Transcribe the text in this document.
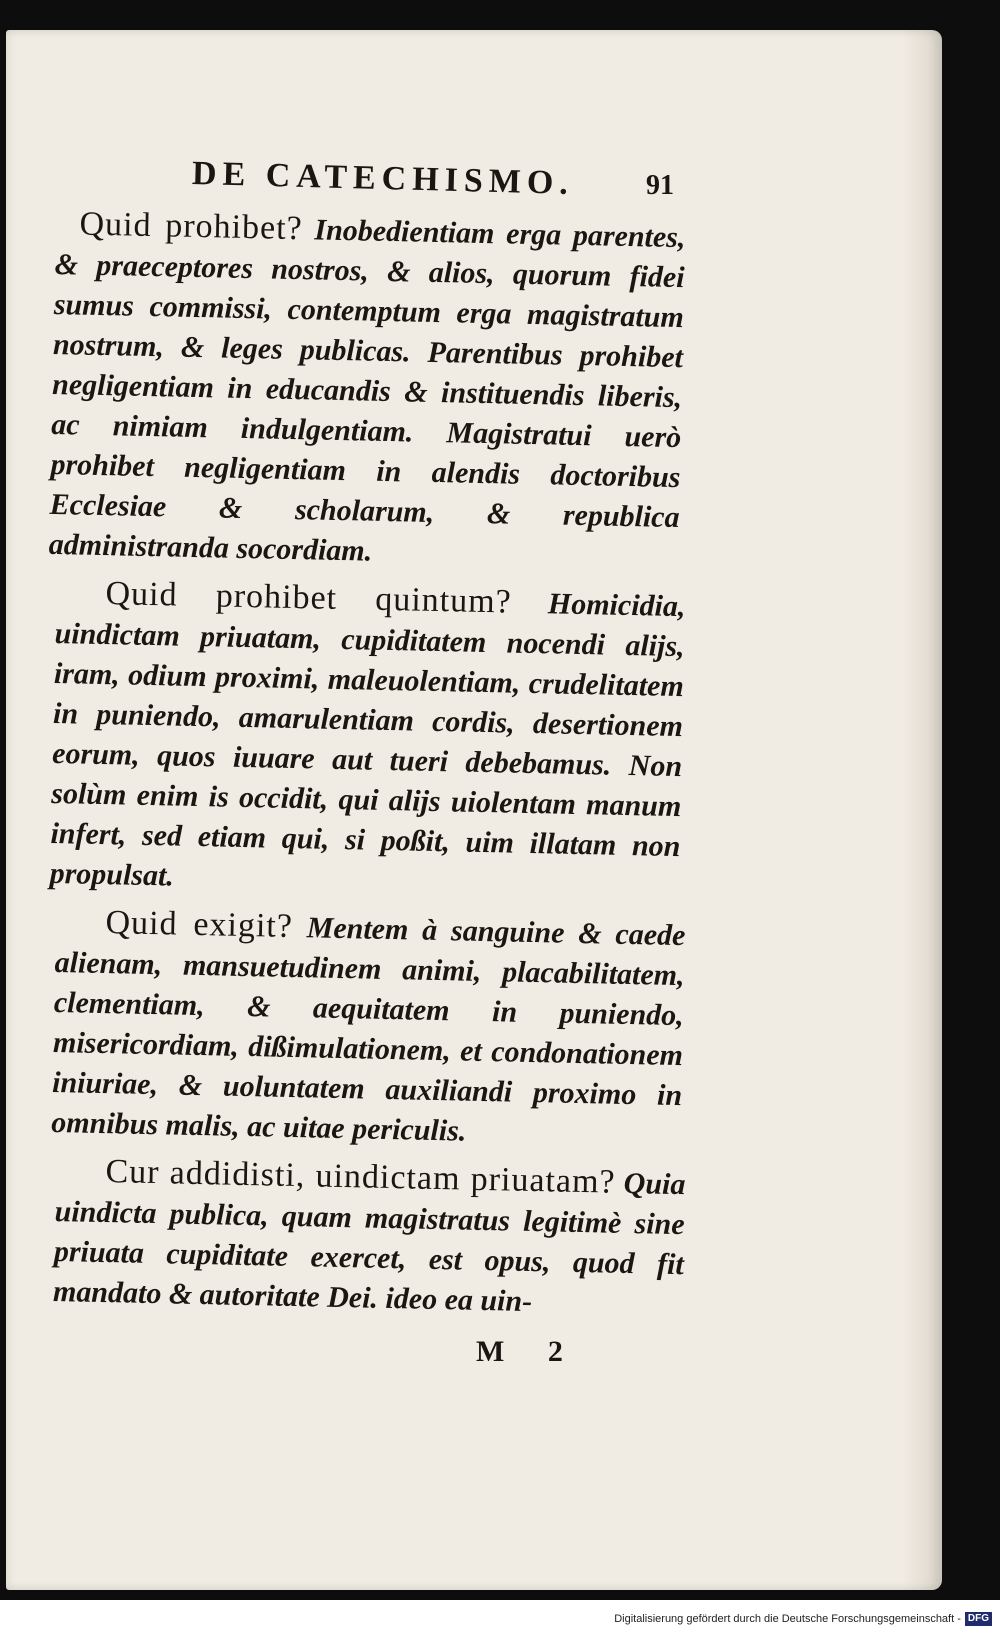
DE CATECHISMO.	91

Quid prohibet? Inobedientiam erga parentes, & praeceptores nostros, & alios, quorum fidei sumus commissi, contemptum erga magistratum nostrum, & leges publicas. Parentibus prohibet negligentiam in educandis & instituendis liberis, ac nimiam indulgentiam. Magistratui uerò prohibet negligentiam in alendis doctoribus Ecclesiae & scholarum, & republica administranda socordiam.

Quid prohibet quintum? Homicidia, uindictam priuatam, cupiditatem nocendi alijs, iram, odium proximi, maleuolentiam, crudelitatem in puniendo, amarulentiam cordis, desertionem eorum, quos iuuare aut tueri debebamus. Non solùm enim is occidit, qui alijs uiolentam manum infert, sed etiam qui, si poßit, uim illatam non propulsat.

Quid exigit? Mentem à sanguine & caede alienam, mansuetudinem animi, placabilitatem, clementiam, & aequitatem in puniendo, misericordiam, dißimulationem, et condonationem iniuriae, & uoluntatem auxiliandi proximo in omnibus malis, ac uitae periculis.

Cur addidisti, uindictam priuatam? Quia uindicta publica, quam magistratus legitimè sine priuata cupiditate exercet, est opus, quod fit mandato & autoritate Dei. ideo ea uin-

M 2
Digitalisierung gefördert durch die Deutsche Forschungsgemeinschaft - DFG
